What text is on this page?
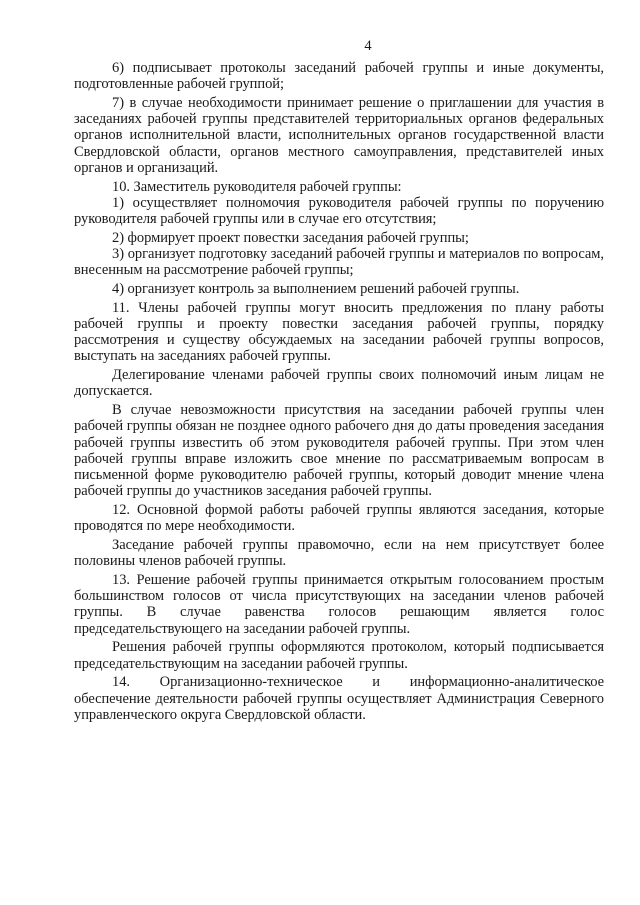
4

6) подписывает протоколы заседаний рабочей группы и иные документы, подготовленные рабочей группой;

7) в случае необходимости принимает решение о приглашении для участия в заседаниях рабочей группы представителей территориальных органов федеральных органов исполнительной власти, исполнительных органов государственной власти Свердловской области, органов местного самоуправления, представителей иных органов и организаций.

10. Заместитель руководителя рабочей группы:

1) осуществляет полномочия руководителя рабочей группы по поручению руководителя рабочей группы или в случае его отсутствия;

2) формирует проект повестки заседания рабочей группы;

3) организует подготовку заседаний рабочей группы и материалов по вопросам, внесенным на рассмотрение рабочей группы;

4) организует контроль за выполнением решений рабочей группы.

11. Члены рабочей группы могут вносить предложения по плану работы рабочей группы и проекту повестки заседания рабочей группы, порядку рассмотрения и существу обсуждаемых на заседании рабочей группы вопросов, выступать на заседаниях рабочей группы.

Делегирование членами рабочей группы своих полномочий иным лицам не допускается.

В случае невозможности присутствия на заседании рабочей группы член рабочей группы обязан не позднее одного рабочего дня до даты проведения заседания рабочей группы известить об этом руководителя рабочей группы. При этом член рабочей группы вправе изложить свое мнение по рассматриваемым вопросам в письменной форме руководителю рабочей группы, который доводит мнение члена рабочей группы до участников заседания рабочей группы.

12. Основной формой работы рабочей группы являются заседания, которые проводятся по мере необходимости.

Заседание рабочей группы правомочно, если на нем присутствует более половины членов рабочей группы.

13. Решение рабочей группы принимается открытым голосованием простым большинством голосов от числа присутствующих на заседании членов рабочей группы. В случае равенства голосов решающим является голос председательствующего на заседании рабочей группы.

Решения рабочей группы оформляются протоколом, который подписывается председательствующим на заседании рабочей группы.

14. Организационно-техническое и информационно-аналитическое обеспечение деятельности рабочей группы осуществляет Администрация Северного управленческого округа Свердловской области.
